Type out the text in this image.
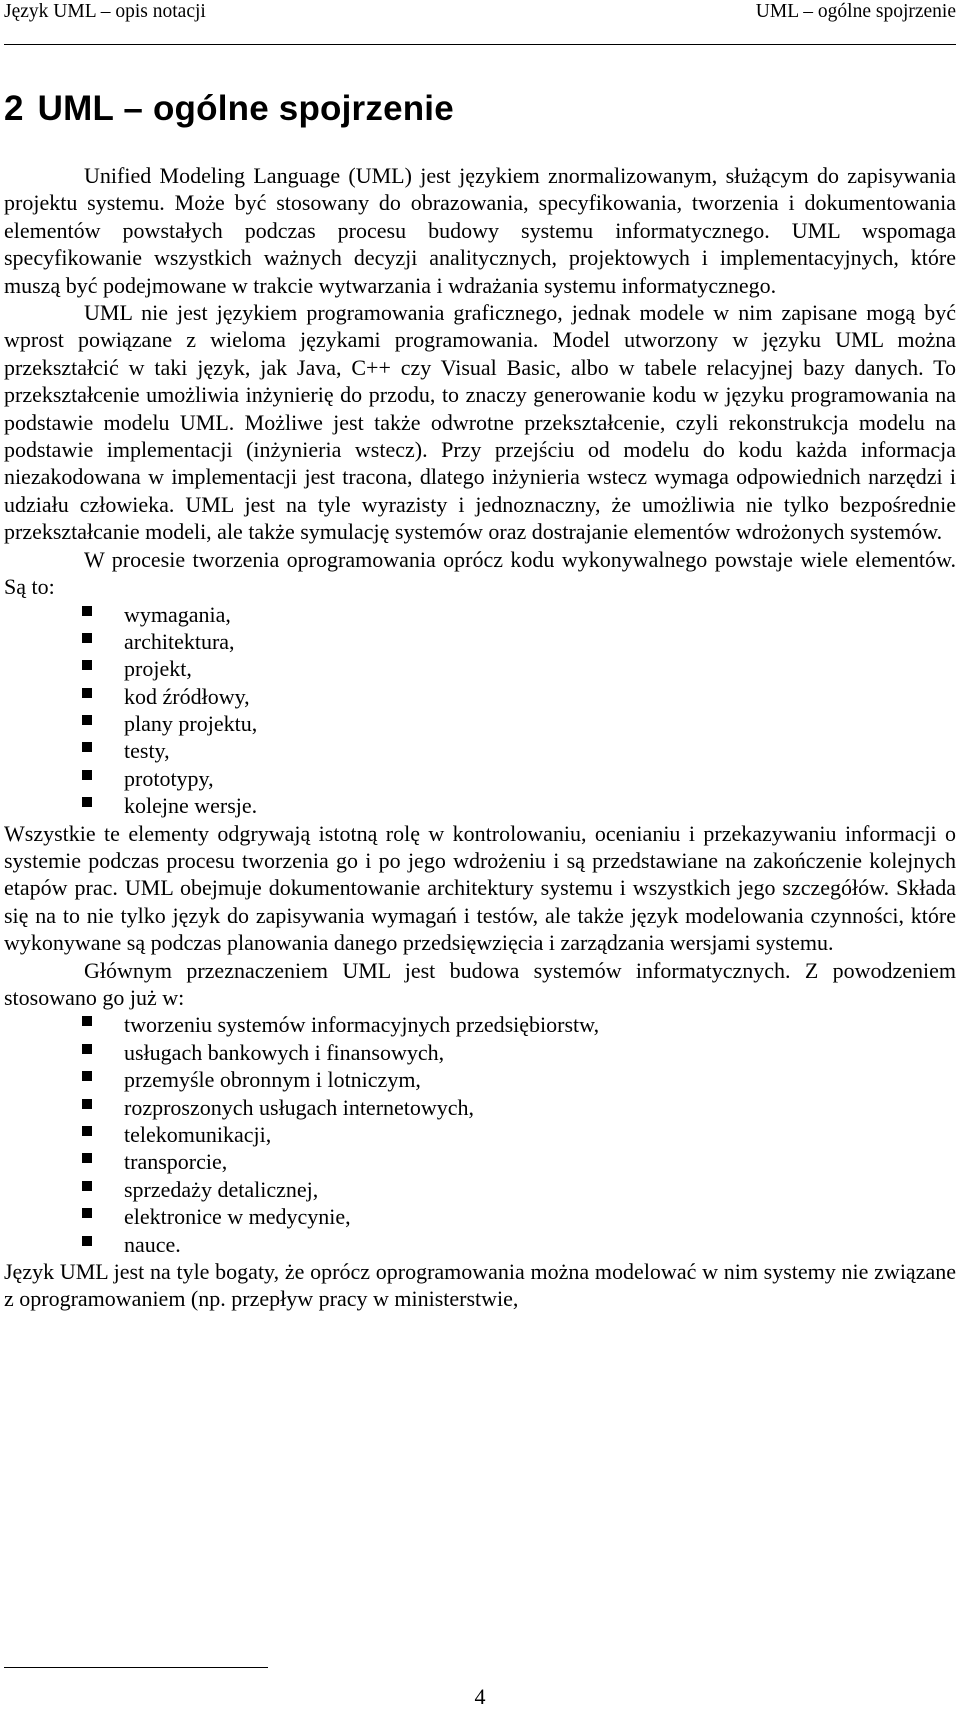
Język UML – opis notacji	UML – ogólne spojrzenie
2 UML – ogólne spojrzenie

Unified Modeling Language (UML) jest językiem znormalizowanym, służącym do zapisywania projektu systemu. Może być stosowany do obrazowania, specyfikowania, tworzenia i dokumentowania elementów powstałych podczas procesu budowy systemu informatycznego. UML wspomaga specyfikowanie wszystkich ważnych decyzji analitycznych, projektowych i implementacyjnych, które muszą być podejmowane w trakcie wytwarzania i wdrażania systemu informatycznego.

UML nie jest językiem programowania graficznego, jednak modele w nim zapisane mogą być wprost powiązane z wieloma językami programowania. Model utworzony w języku UML można przekształcić w taki język, jak Java, C++ czy Visual Basic, albo w tabele relacyjnej bazy danych. To przekształcenie umożliwia inżynierię do przodu, to znaczy generowanie kodu w języku programowania na podstawie modelu UML. Możliwe jest także odwrotne przekształcenie, czyli rekonstrukcja modelu na podstawie implementacji (inżynieria wstecz). Przy przejściu od modelu do kodu każda informacja niezakodowana w implementacji jest tracona, dlatego inżynieria wstecz wymaga odpowiednich narzędzi i udziału człowieka. UML jest na tyle wyrazisty i jednoznaczny, że umożliwia nie tylko bezpośrednie przekształcanie modeli, ale także symulację systemów oraz dostrajanie elementów wdrożonych systemów.

W procesie tworzenia oprogramowania oprócz kodu wykonywalnego powstaje wiele elementów. Są to:

wymagania,
architektura,
projekt,
kod źródłowy,
plany projektu,
testy,
prototypy,
kolejne wersje.

Wszystkie te elementy odgrywają istotną rolę w kontrolowaniu, ocenianiu i przekazywaniu informacji o systemie podczas procesu tworzenia go i po jego wdrożeniu i są przedstawiane na zakończenie kolejnych etapów prac. UML obejmuje dokumentowanie architektury systemu i wszystkich jego szczegółów. Składa się na to nie tylko język do zapisywania wymagań i testów, ale także język modelowania czynności, które wykonywane są podczas planowania danego przedsięwzięcia i zarządzania wersjami systemu.

Głównym przeznaczeniem UML jest budowa systemów informatycznych. Z powodzeniem stosowano go już w:

tworzeniu systemów informacyjnych przedsiębiorstw,
usługach bankowych i finansowych,
przemyśle obronnym i lotniczym,
rozproszonych usługach internetowych,
telekomunikacji,
transporcie,
sprzedaży detalicznej,
elektronice w medycynie,
nauce.

Język UML jest na tyle bogaty, że oprócz oprogramowania można modelować w nim systemy nie związane z oprogramowaniem (np. przepływ pracy w ministerstwie,

4
